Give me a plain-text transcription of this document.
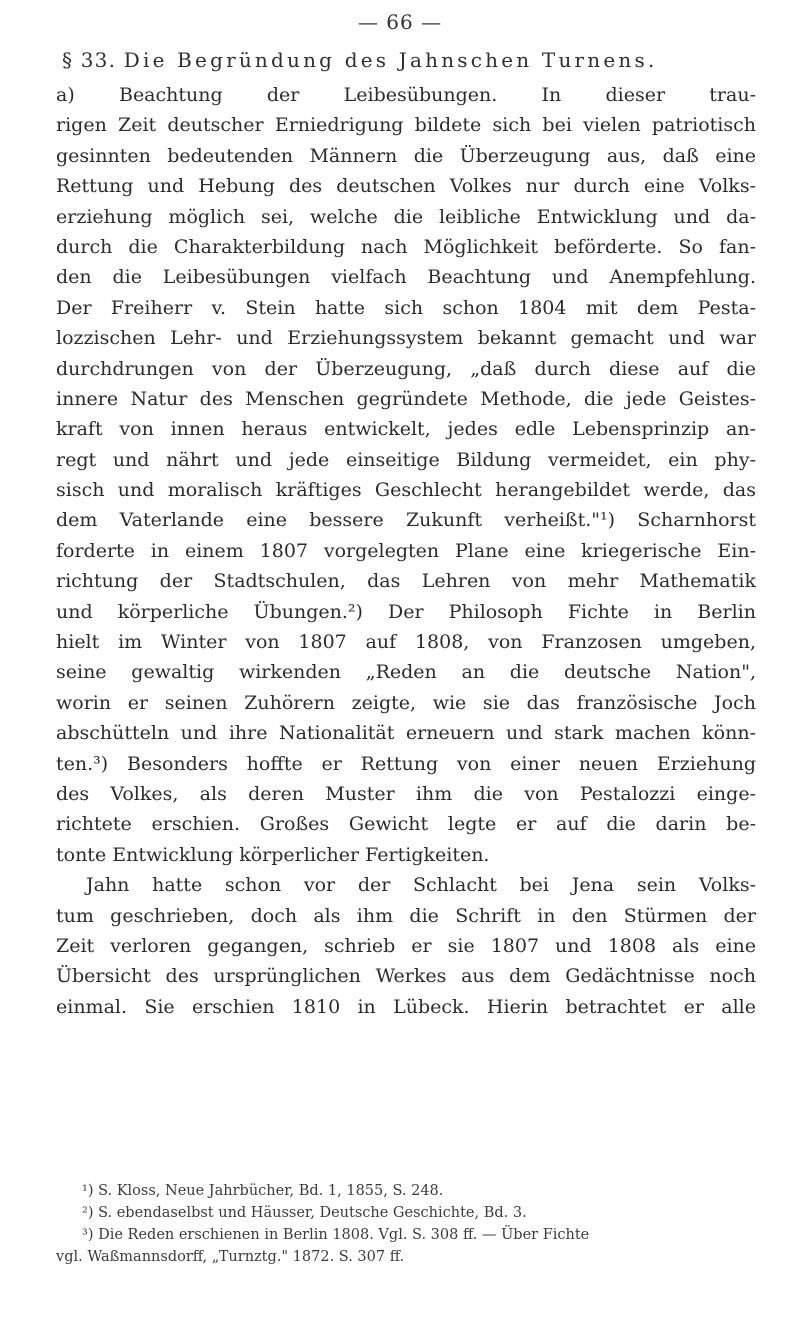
— 66 —
§ 33. Die Begründung des Jahnschen Turnens.
a) Beachtung der Leibesübungen. In dieser trau-
rigen Zeit deutscher Erniedrigung bildete sich bei vielen patriotisch
gesinnten bedeutenden Männern die Überzeugung aus, daß eine
Rettung und Hebung des deutschen Volkes nur durch eine Volks-
erziehung möglich sei, welche die leibliche Entwicklung und da-
durch die Charakterbildung nach Möglichkeit beförderte. So fan-
den die Leibesübungen vielfach Beachtung und Anempfehlung.
Der Freiherr v. Stein hatte sich schon 1804 mit dem Pesta-
lozzischen Lehr- und Erziehungssystem bekannt gemacht und war
durchdrungen von der Überzeugung, „daß durch diese auf die
innere Natur des Menschen gegründete Methode, die jede Geistes-
kraft von innen heraus entwickelt, jedes edle Lebensprinzip an-
regt und nährt und jede einseitige Bildung vermeidet, ein phy-
sisch und moralisch kräftiges Geschlecht herangebildet werde, das
dem Vaterlande eine bessere Zukunft verheißt."¹) Scharnhorst
forderte in einem 1807 vorgelegten Plane eine kriegerische Ein-
richtung der Stadtschulen, das Lehren von mehr Mathematik
und körperliche Übungen.²) Der Philosoph Fichte in Berlin
hielt im Winter von 1807 auf 1808, von Franzosen umgeben,
seine gewaltig wirkenden „Reden an die deutsche Nation",
worin er seinen Zuhörern zeigte, wie sie das französische Joch
abschütteln und ihre Nationalität erneuern und stark machen könn-
ten.³) Besonders hoffte er Rettung von einer neuen Erziehung
des Volkes, als deren Muster ihm die von Pestalozzi einge-
richtete erschien. Großes Gewicht legte er auf die darin be-
tonte Entwicklung körperlicher Fertigkeiten.
Jahn hatte schon vor der Schlacht bei Jena sein Volks-
tum geschrieben, doch als ihm die Schrift in den Stürmen der
Zeit verloren gegangen, schrieb er sie 1807 und 1808 als eine
Übersicht des ursprünglichen Werkes aus dem Gedächtnisse noch
einmal. Sie erschien 1810 in Lübeck. Hierin betrachtet er alle
¹) S. Kloss, Neue Jahrbücher, Bd. 1, 1855, S. 248.
²) S. ebendaselbst und Häusser, Deutsche Geschichte, Bd. 3.
³) Die Reden erschienen in Berlin 1808. Vgl. S. 308 ff. — Über Fichte
vgl. Waßmannsdorff, „Turnztg." 1872. S. 307 ff.
